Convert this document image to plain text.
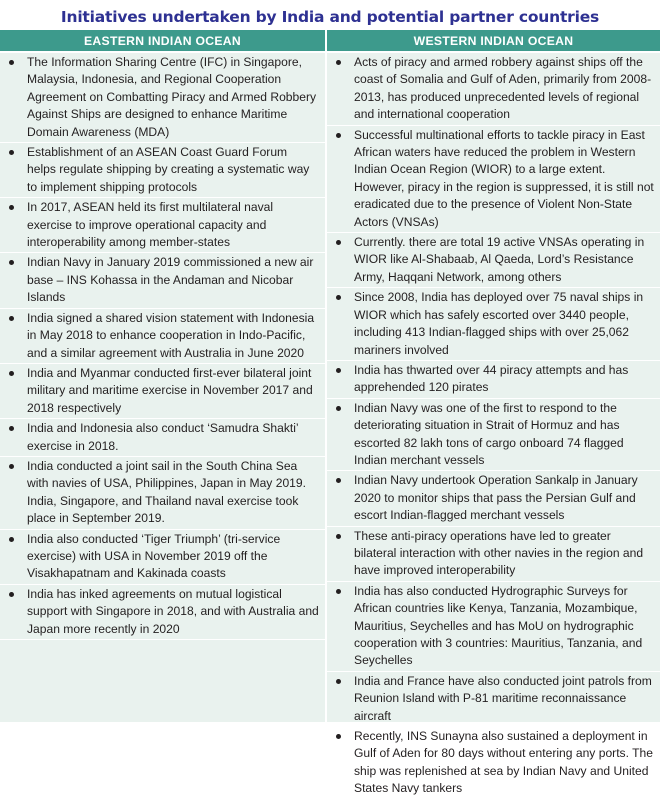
Initiatives undertaken by India and potential partner countries
EASTERN INDIAN OCEAN
The Information Sharing Centre (IFC) in Singapore, Malaysia, Indonesia, and Regional Cooperation Agreement on Combatting Piracy and Armed Robbery Against Ships are designed to enhance Maritime Domain Awareness (MDA)
Establishment of an ASEAN Coast Guard Forum helps regulate shipping by creating a systematic way to implement shipping protocols
In 2017, ASEAN held its first multilateral naval exercise to improve operational capacity and interoperability among member-states
Indian Navy in January 2019 commissioned a new air base – INS Kohassa in the Andaman and Nicobar Islands
India signed a shared vision statement with Indonesia in May 2018 to enhance cooperation in Indo-Pacific, and a similar agreement with Australia in June 2020
India and Myanmar conducted first-ever bilateral joint military and maritime exercise in November 2017 and 2018 respectively
India and Indonesia also conduct ‘Samudra Shakti’ exercise in 2018.
India conducted a joint sail in the South China Sea with navies of USA, Philippines, Japan in May 2019. India, Singapore, and Thailand naval exercise took place in September 2019.
India also conducted ‘Tiger Triumph’ (tri-service exercise) with USA in November 2019 off the Visakhapatnam and Kakinada coasts
India has inked agreements on mutual logistical support with Singapore in 2018, and with Australia and Japan more recently in 2020
WESTERN INDIAN OCEAN
Acts of piracy and armed robbery against ships off the coast of Somalia and Gulf of Aden, primarily from 2008-2013, has produced unprecedented levels of regional and international cooperation
Successful multinational efforts to tackle piracy in East African waters have reduced the problem in Western Indian Ocean Region (WIOR) to a large extent. However, piracy in the region is suppressed, it is still not eradicated due to the presence of Violent Non-State Actors (VNSAs)
Currently. there are total 19 active VNSAs operating in WIOR like Al-Shabaab, Al Qaeda, Lord’s Resistance Army, Haqqani Network, among others
Since 2008, India has deployed over 75 naval ships in WIOR which has safely escorted over 3440 people, including 413 Indian-flagged ships with over 25,062 mariners involved
India has thwarted over 44 piracy attempts and has apprehended 120 pirates
Indian Navy was one of the first to respond to the deteriorating situation in Strait of Hormuz and has escorted 82 lakh tons of cargo onboard 74 flagged Indian merchant vessels
Indian Navy undertook Operation Sankalp in January 2020 to monitor ships that pass the Persian Gulf and escort Indian-flagged merchant vessels
These anti-piracy operations have led to greater bilateral interaction with other navies in the region and have improved interoperability
India has also conducted Hydrographic Surveys for African countries like Kenya, Tanzania, Mozambique, Mauritius, Seychelles and has MoU on hydrographic cooperation with 3 countries: Mauritius, Tanzania, and Seychelles
India and France have also conducted joint patrols from Reunion Island with P-81 maritime reconnaissance aircraft
Recently, INS Sunayna also sustained a deployment in Gulf of Aden for 80 days without entering any ports. The ship was replenished at sea by Indian Navy and United States Navy tankers
